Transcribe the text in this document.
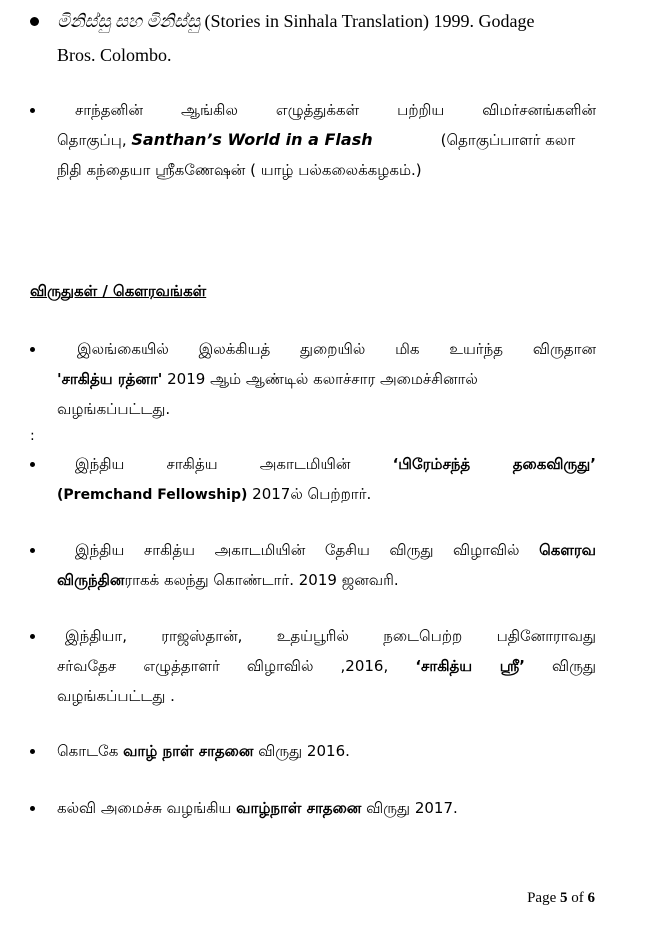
මිනිස්සු සහ මිනිස්සු (Stories in Sinhala Translation) 1999. Godage
Bros. Colombo.
சாந்தனின் ஆங்கில எழுத்துக்கள் பற்றிய விமர்சனங்களின்
தொகுப்பு, Santhan’s World in a Flash	(தொகுப்பாளர் கலா
நிதி கந்தையா ஸ்ரீகணேஷன் ( யாழ் பல்கலைக்கழகம்.)
விருதுகள் / கௌரவங்கள்
இலங்கையில் இலக்கியத் துறையில் மிக உயர்ந்த விருதான
'சாகித்ய ரத்னா' 2019 ஆம் ஆண்டில் கலாச்சார அமைச்சினால்
வழங்கப்பட்டது.
:
இந்திய சாகித்ய அகாடமியின் ‘பிரேம்சந்த் தகைவிருது’
(Premchand Fellowship) 2017ல் பெற்றார்.
இந்திய சாகித்ய அகாடமியின் தேசிய விருது விழாவில் கௌரவ
விருந்தினராகக் கலந்து கொண்டார். 2019 ஜனவரி.
இந்தியா, ராஜஸ்தான், உதய்பூரில் நடைபெற்ற பதினோராவது
சர்வதேச எழுத்தாளர் விழாவில் ,2016, ‘சாகித்ய ஸ்ரீ’ விருது
வழங்கப்பட்டது .
கொடகே வாழ் நாள் சாதனை விருது 2016.
கல்வி அமைச்சு வழங்கிய வாழ்நாள் சாதனை விருது 2017.
Page 5 of 6
